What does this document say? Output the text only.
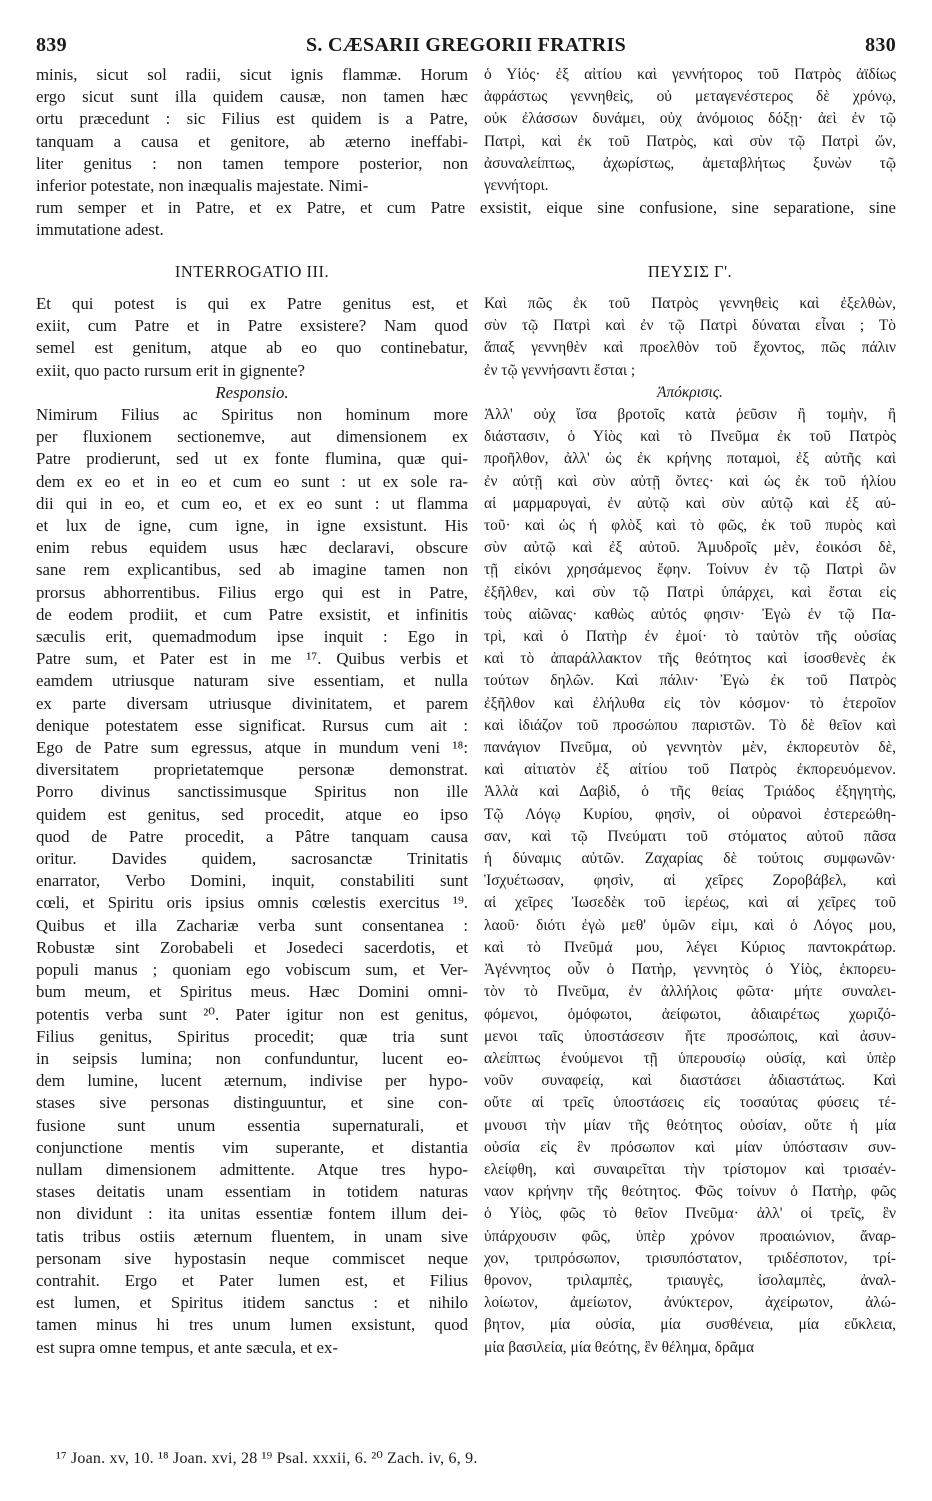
839	S. CÆSARII GREGORII FRATRIS	830
minis, sicut sol radii, sicut ignis flammæ. Horum
ergo sicut sunt illa quidem causæ, non tamen hæc
ortu præcedunt : sic Filius est quidem is a Patre,
tanquam a causa et genitore, ab æterno ineffabi-
liter genitus : non tamen tempore posterior, non
inferior potestate, non inæqualis majestate. Nimi-
ὁ Υἱός· ἐξ αἰτίου καὶ γεννήτορος τοῦ Πατρὸς ἀϊδίως
ἀφράστως γεννηθεὶς, οὐ μεταγενέστερος δὲ χρόνῳ,
οὐκ ἐλάσσων δυνάμει, οὐχ ἀνόμοιος δόξῃ· ἀεὶ ἐν τῷ
Πατρὶ, καὶ ἐκ τοῦ Πατρὸς, καὶ σὺν τῷ Πατρὶ ὤν,
ἀσυναλείπτως, ἀχωρίστως, ἀμεταβλήτως ξυνὼν τῷ
γεννήτορι.
rum semper et in Patre, et ex Patre, et cum Patre exsistit, eique sine confusione, sine separatione, sine
immutatione adest.
INTERROGATIO III.	ΠΕΥΣΙΣ Γ'.
Et qui potest is qui ex Patre genitus est, et
exiit, cum Patre et in Patre exsistere? Nam quod
semel est genitum, atque ab eo quo continebatur,
exiit, quo pacto rursum erit in gignente?
Responsio.
Nimirum Filius ac Spiritus non hominum more
per fluxionem sectionemve, aut dimensionem ex
Patre prodierunt, sed ut ex fonte flumina, quæ qui-
dem ex eo et in eo et cum eo sunt : ut ex sole ra-
dii qui in eo, et cum eo, et ex eo sunt : ut flamma
et lux de igne, cum igne, in igne exsistunt. His
enim rebus equidem usus hæc declaravi, obscure
sane rem explicantibus, sed ab imagine tamen non
prorsus abhorrentibus. Filius ergo qui est in Patre,
de eodem prodiit, et cum Patre exsistit, et infinitis
sæculis erit, quemadmodum ipse inquit : Ego in
Patre sum, et Pater est in me ¹⁷. Quibus verbis et
eamdem utriusque naturam sive essentiam, et nulla
ex parte diversam utriusque divinitatem, et parem
denique potestatem esse significat. Rursus cum ait :
Ego de Patre sum egressus, atque in mundum veni ¹⁸:
diversitatem proprietatemque personæ demonstrat.
Porro divinus sanctissimusque Spiritus non ille
quidem est genitus, sed procedit, atque eo ipso
quod de Patre procedit, a Pâtre tanquam causa
oritur. Davides quidem, sacrosanctæ Trinitatis
enarrator, Verbo Domini, inquit, constabiliti sunt
cœli, et Spiritu oris ipsius omnis cœlestis exercitus ¹⁹.
Quibus et illa Zachariæ verba sunt consentanea :
Robustæ sint Zorobabeli et Josedeci sacerdotis, et
populi manus ; quoniam ego vobiscum sum, et Ver-
bum meum, et Spiritus meus. Hæc Domini omni-
potentis verba sunt ²⁰. Pater igitur non est genitus,
Filius genitus, Spiritus procedit; quæ tria sunt
in seipsis lumina; non confunduntur, lucent eo-
dem lumine, lucent æternum, indivise per hypo-
stases sive personas distinguuntur, et sine con-
fusione sunt unum essentia supernaturali, et
conjunctione mentis vim superante, et distantia
nullam dimensionem admittente. Atque tres hypo-
stases deitatis unam essentiam in totidem naturas
non dividunt : ita unitas essentiæ fontem illum dei-
tatis tribus ostiis æternum fluentem, in unam sive
personam sive hypostasin neque commiscet neque
contrahit. Ergo et Pater lumen est, et Filius
est lumen, et Spiritus itidem sanctus : et nihilo
tamen minus hi tres unum lumen exsistunt, quod
est supra omne tempus, et ante sæcula, et ex-
Καὶ πῶς ἐκ τοῦ Πατρὸς γεννηθεὶς καὶ ἐξελθὼν,
σὺν τῷ Πατρὶ καὶ ἐν τῷ Πατρὶ δύναται εἶναι ; Τὸ
ἅπαξ γεννηθὲν καὶ προελθὸν τοῦ ἔχοντος, πῶς πάλιν
ἐν τῷ γεννήσαντι ἔσται ;
Ἀπόκρισις.
Ἀλλ' οὐχ ἴσα βροτοῖς κατὰ ῥεῦσιν ἢ τομὴν, ἢ
διάστασιν, ὁ Υἱὸς καὶ τὸ Πνεῦμα ἐκ τοῦ Πατρὸς
προῆλθον, ἀλλ' ὡς ἐκ κρήνης ποταμοὶ, ἐξ αὐτῆς καὶ
ἐν αὐτῇ καὶ σὺν αὐτῇ ὄντες· καὶ ὡς ἐκ τοῦ ἡλίου
αἱ μαρμαρυγαὶ, ἐν αὐτῷ καὶ σὺν αὐτῷ καὶ ἐξ αὐ-
τοῦ· καὶ ὡς ἡ φλὸξ καὶ τὸ φῶς, ἐκ τοῦ πυρὸς καὶ
σὺν αὐτῷ καὶ ἐξ αὐτοῦ. Ἀμυδροῖς μὲν, ἐοικόσι δὲ,
τῇ εἰκόνι χρησάμενος ἔφην. Τοίνυν ἐν τῷ Πατρὶ ὢν
ἐξῆλθεν, καὶ σὺν τῷ Πατρὶ ὑπάρχει, καὶ ἔσται εἰς
τοὺς αἰῶνας· καθὼς αὐτός φησιν· Ἐγὼ ἐν τῷ Πα-
τρὶ, καὶ ὁ Πατὴρ ἐν ἐμοί· τὸ ταὐτὸν τῆς οὐσίας
καὶ τὸ ἀπαράλλακτον τῆς θεότητος καὶ ἰσοσθενὲς ἐκ
τούτων δηλῶν. Καὶ πάλιν· Ἐγὼ ἐκ τοῦ Πατρὸς
ἐξῆλθον καὶ ἐλήλυθα εἰς τὸν κόσμον· τὸ ἑτεροῖον
καὶ ἰδιάζον τοῦ προσώπου παριστῶν. Τὸ δὲ θεῖον καὶ
πανάγιον Πνεῦμα, οὐ γεννητὸν μὲν, ἐκπορευτὸν δὲ,
καὶ αἰτιατὸν ἐξ αἰτίου τοῦ Πατρὸς ἐκπορευόμενον.
Ἀλλὰ καὶ Δαβὶδ, ὁ τῆς θείας Τριάδος ἐξηγητὴς,
Τῷ Λόγῳ Κυρίου, φησὶν, οἱ οὐρανοὶ ἐστερεώθη-
σαν, καὶ τῷ Πνεύματι τοῦ στόματος αὐτοῦ πᾶσα
ἡ δύναμις αὐτῶν. Ζαχαρίας δὲ τούτοις συμφωνῶν·
Ἰσχυέτωσαν, φησὶν, αἱ χεῖρες Ζοροβάβελ, καὶ
αἱ χεῖρες Ἰωσεδὲκ τοῦ ἱερέως, καὶ αἱ χεῖρες τοῦ
λαοῦ· διότι ἐγὼ μεθ' ὑμῶν εἰμι, καὶ ὁ Λόγος μου,
καὶ τὸ Πνεῦμά μου, λέγει Κύριος παντοκράτωρ.
Ἀγέννητος οὖν ὁ Πατὴρ, γεννητὸς ὁ Υἱὸς, ἐκπορευ-
τὸν τὸ Πνεῦμα, ἐν ἀλλήλοις φῶτα· μήτε συναλει-
φόμενοι, ὁμόφωτοι, ἀείφωτοι, ἀδιαιρέτως χωριζό-
μενοι ταῖς ὑποστάσεσιν ἤτε προσώποις, καὶ ἀσυν-
αλείπτως ἑνούμενοι τῇ ὑπερουσίῳ οὐσίᾳ, καὶ ὑπὲρ
νοῦν συναφείᾳ, καὶ διαστάσει ἀδιαστάτως. Καὶ
οὔτε αἱ τρεῖς ὑποστάσεις εἰς τοσαύτας φύσεις τέ-
μνουσι τὴν μίαν τῆς θεότητος οὐσίαν, οὔτε ἡ μία
οὐσία εἰς ἓν πρόσωπον καὶ μίαν ὑπόστασιν συν-
ελείφθη, καὶ συναιρεῖται τὴν τρίστομον καὶ τρισαέν-
ναον κρήνην τῆς θεότητος. Φῶς τοίνυν ὁ Πατὴρ, φῶς
ὁ Υἱὸς, φῶς τὸ θεῖον Πνεῦμα· ἀλλ' οἱ τρεῖς, ἓν
ὑπάρχουσιν φῶς, ὑπὲρ χρόνον προαιώνιον, ἄναρ-
χον, τριπρόσωπον, τρισυπόστατον, τριδέσποτον, τρί-
θρονον, τριλαμπὲς, τριαυγὲς, ἰσολαμπὲς, ἀναλ-
λοίωτον, ἀμείωτον, ἀνύκτερον, ἀχείρωτον, ἀλώ-
βητον, μία οὐσία, μία συσθένεια, μία εὔκλεια,
μία βασιλεία, μία θεότης, ἓν θέλημα, δρᾶμα
¹⁷ Joan. xv, 10. ¹⁸ Joan. xvi, 28 ¹⁹ Psal. xxxii, 6. ²⁰ Zach. iv, 6, 9.
